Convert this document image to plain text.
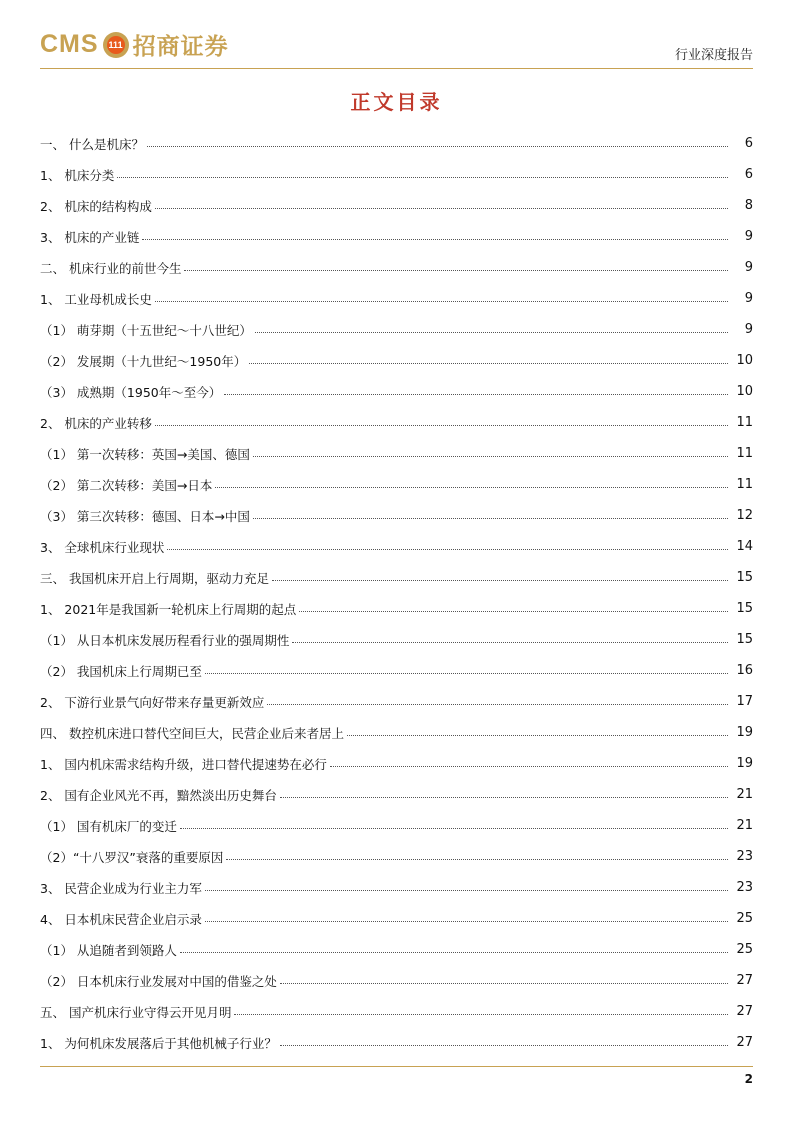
CMS 111 招商证券	行业深度报告
正文目录
一、 什么是机床？	6
1、 机床分类	6
2、 机床的结构构成	8
3、 机床的产业链	9
二、 机床行业的前世今生	9
1、 工业母机成长史	9
（1） 萌芽期（十五世纪～十八世纪）	9
（2） 发展期（十九世纪～1950年）	10
（3） 成熟期（1950年～至今）	10
2、 机床的产业转移	11
（1） 第一次转移：英国→美国、德国	11
（2） 第二次转移：美国→日本	11
（3） 第三次转移：德国、日本→中国	12
3、 全球机床行业现状	14
三、 我国机床开启上行周期，驱动力充足	15
1、 2021年是我国新一轮机床上行周期的起点	15
（1） 从日本机床发展历程看行业的强周期性	15
（2） 我国机床上行周期已至	16
2、 下游行业景气向好带来存量更新效应	17
四、 数控机床进口替代空间巨大，民营企业后来者居上	19
1、 国内机床需求结构升级，进口替代提速势在必行	19
2、 国有企业风光不再，黯然淡出历史舞台	21
（1） 国有机床厂的变迁	21
（2）“十八罗汉”衰落的重要原因	23
3、 民营企业成为行业主力军	23
4、 日本机床民营企业启示录	25
（1） 从追随者到领路人	25
（2） 日本机床行业发展对中国的借鉴之处	27
五、 国产机床行业守得云开见月明	27
1、 为何机床发展落后于其他机械子行业？	27
2
